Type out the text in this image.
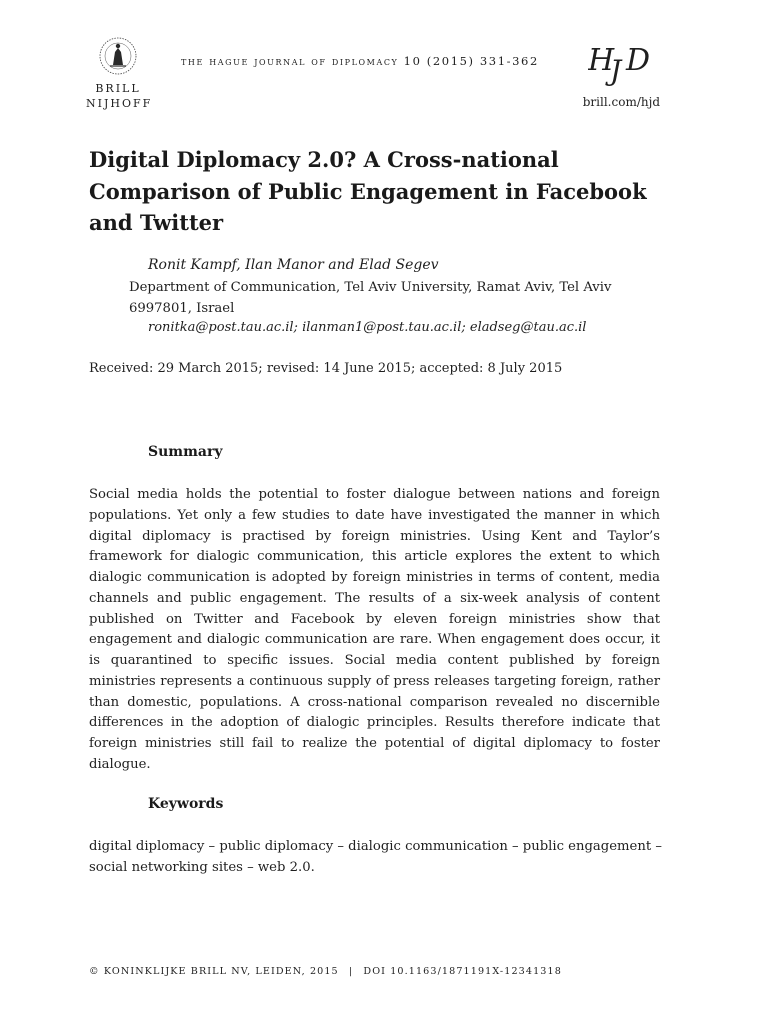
BRILL
NIJHOFF
the hague journal of diplomacy 10 (2015) 331-362 H
J D
brill.com/hjd
Digital Diplomacy 2.0? A Cross-national Comparison of Public Engagement in Facebook and Twitter
Ronit Kampf, Ilan Manor and Elad Segev
Department of Communication, Tel Aviv University, Ramat Aviv, Tel Aviv 6997801, Israel
ronitka@post.tau.ac.il; ilanman1@post.tau.ac.il; eladseg@tau.ac.il
Received: 29 March 2015; revised: 14 June 2015; accepted: 8 July 2015
Summary
Social media holds the potential to foster dialogue between nations and foreign populations. Yet only a few studies to date have investigated the manner in which digital diplomacy is practised by foreign ministries. Using Kent and Taylor’s framework for dialogic communication, this article explores the extent to which dialogic communication is adopted by foreign ministries in terms of content, media channels and public engagement. The results of a six-week analysis of content published on Twitter and Facebook by eleven foreign ministries show that engagement and dialogic communication are rare. When engagement does occur, it is quarantined to specific issues. Social media content published by foreign ministries represents a continuous supply of press releases targeting foreign, rather than domestic, populations. A cross-national comparison revealed no discernible differences in the adoption of dialogic principles. Results therefore indicate that foreign ministries still fail to realize the potential of digital diplomacy to foster dialogue.
Keywords
digital diplomacy – public diplomacy – dialogic communication – public engagement – social networking sites – web 2.0.
© KONINKLIJKE BRILL NV, LEIDEN, 2015 | DOI 10.1163/1871191X-12341318
